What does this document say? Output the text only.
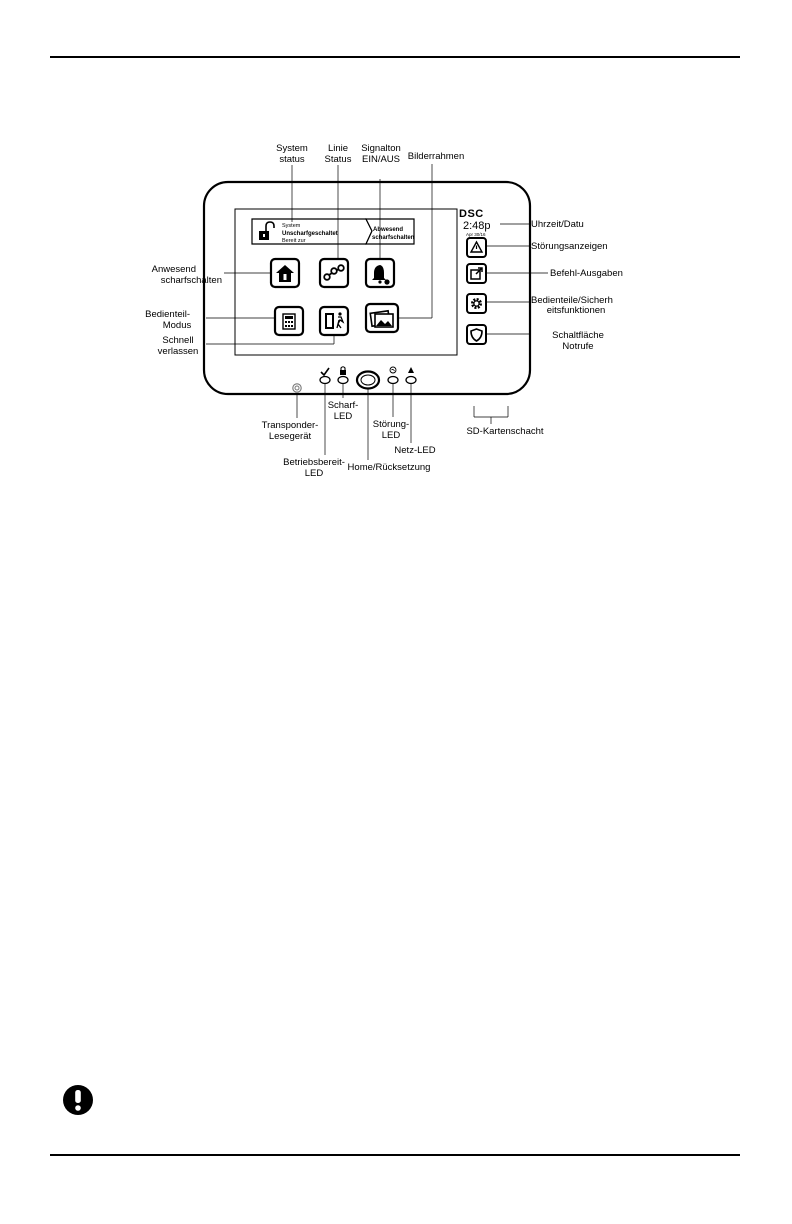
System
Unscharfgeschaltet
Bereit zur
Abwesend
scharfschalten
DSC
2:48p
Apr 30/16
System
status
Linie
Status
Signalton
EIN/AUS Bilderrahmen
Uhrzeit/Datu
Störungsanzeigen
Befehl-Ausgaben
Bedienteile/Sicherh
eitsfunktionen
Schaltfläche
Notrufe
Anwesend
scharfschalten
Bedienteil-
Modus
Schnell
verlassen
Transponder-
Lesegerät
Scharf-
LED
Betriebsbereit-
LED
Home/Rücksetzung
Störung-
LED
Netz-LED
SD-Kartenschacht
